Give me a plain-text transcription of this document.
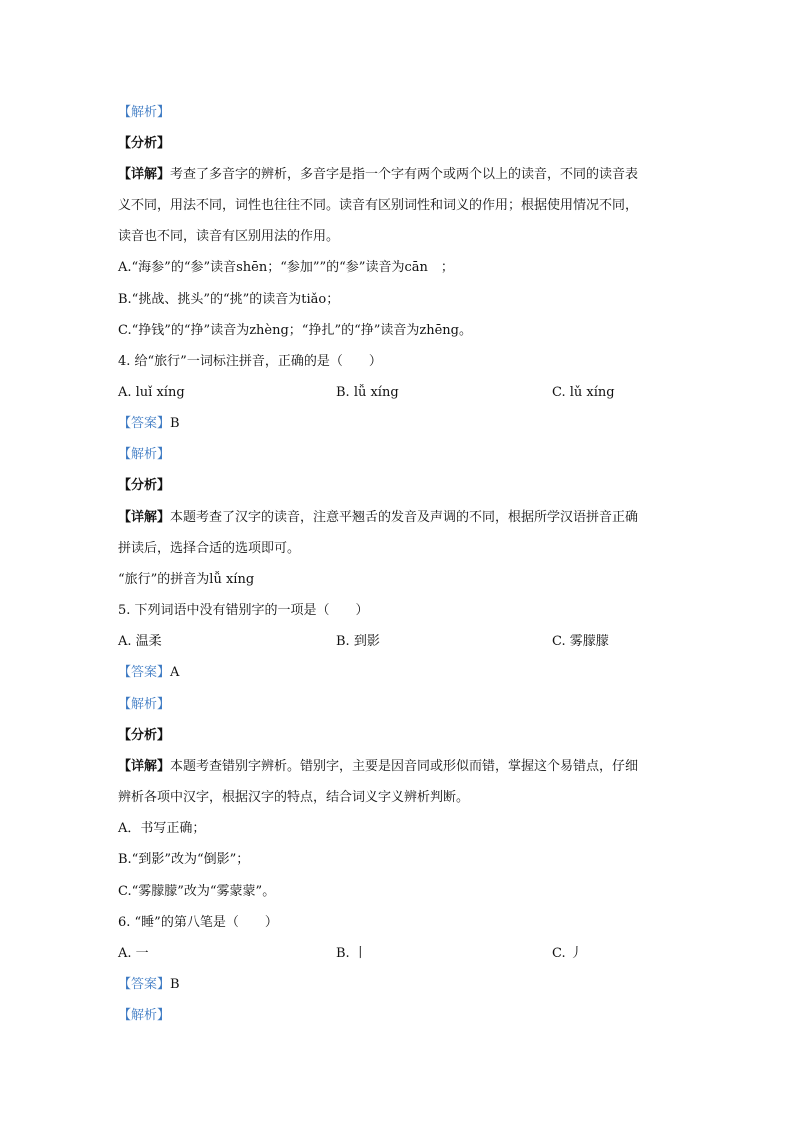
【解析】
【分析】
【详解】考查了多音字的辨析，多音字是指一个字有两个或两个以上的读音，不同的读音表
义不同，用法不同，词性也往往不同。读音有区别词性和词义的作用；根据使用情况不同，
读音也不同，读音有区别用法的作用。
A.“海参”的“参”读音shēn；“参加””的“参”读音为cān　；
B.“挑战、挑头”的“挑”的读音为tiǎo；
C.“挣钱”的“挣”读音为zhèng；“挣扎”的“挣”读音为zhēng。
4. 给“旅行”一词标注拼音，正确的是（　　）
A. luǐ xíng	B. lǚ xíng	C. lǔ xíng
【答案】B
【解析】
【分析】
【详解】本题考查了汉字的读音，注意平翘舌的发音及声调的不同，根据所学汉语拼音正确
拼读后，选择合适的选项即可。
“旅行”的拼音为lǚ xíng
5. 下列词语中没有错别字的一项是（　　）
A. 温柔	B. 到影	C. 雾朦朦
【答案】A
【解析】
【分析】
【详解】本题考查错别字辨析。错别字，主要是因音同或形似而错，掌握这个易错点，仔细
辨析各项中汉字，根据汉字的特点，结合词义字义辨析判断。
A．书写正确；
B.“到影”改为“倒影”；
C.“雾朦朦”改为“雾蒙蒙”。
6. “睡”的第八笔是（　　）
A. 一	B. 丨	C. 丿
【答案】B
【解析】
